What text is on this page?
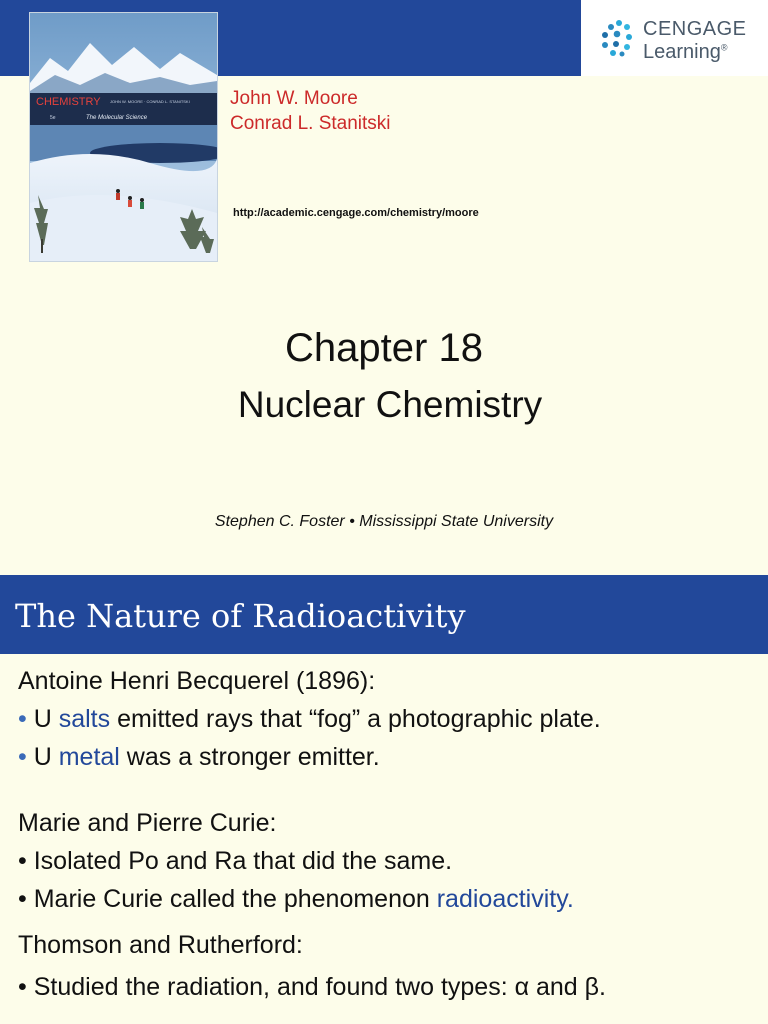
CENGAGE
Learning®
CHEMISTRY JOHN W. MOORE · CONRAD L. STANITSKI
5e	The Molecular Science
John W. Moore
Conrad L. Stanitski
http://academic.cengage.com/chemistry/moore
Chapter 18
Nuclear Chemistry
Stephen C. Foster • Mississippi State University
The Nature of Radioactivity
Antoine Henri Becquerel (1896):
• U salts emitted rays that “fog” a photographic plate.
• U metal was a stronger emitter.
Marie and Pierre Curie:
• Isolated Po and Ra that did the same.
• Marie Curie called the phenomenon radioactivity.
Thomson and Rutherford:
• Studied the radiation, and found two types: α and β.
